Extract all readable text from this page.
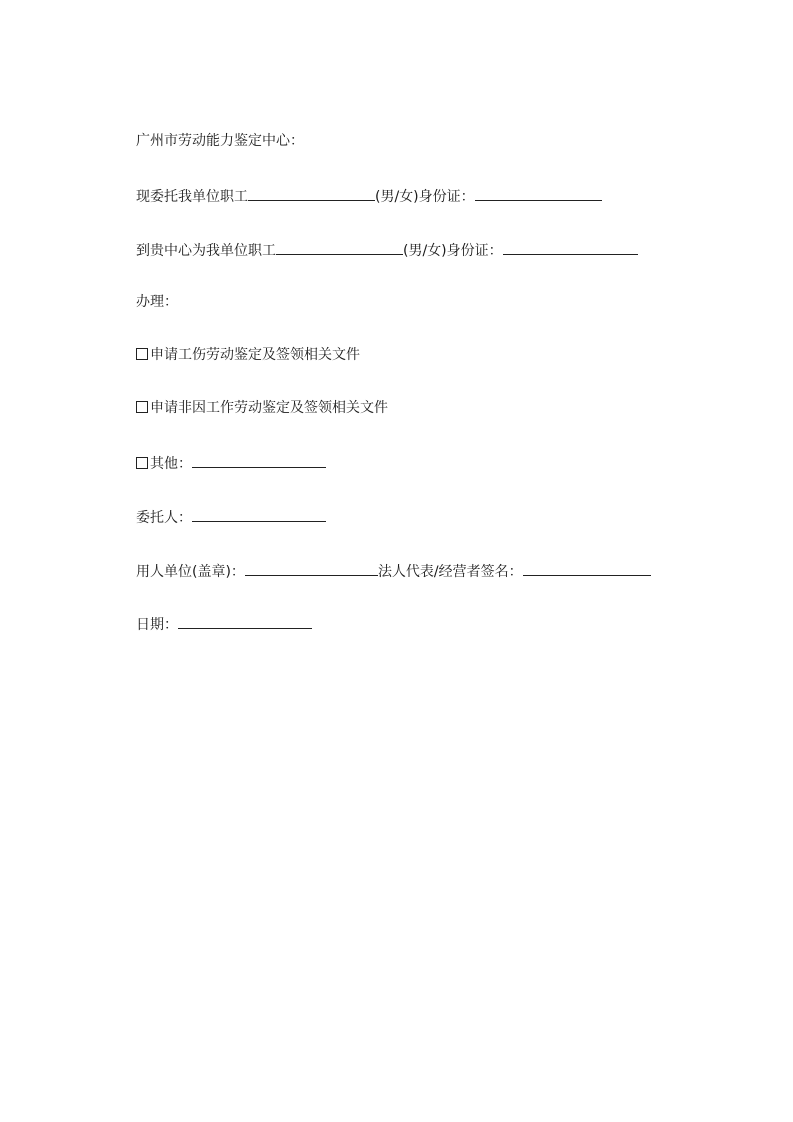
广州市劳动能力鉴定中心：
现委托我单位职工	(男/女)身份证：
到贵中心为我单位职工	(男/女)身份证：
办理：
申请工伤劳动鉴定及签领相关文件
申请非因工作劳动鉴定及签领相关文件
其他：
委托人：
用人单位(盖章)：	法人代表/经营者签名：
日期：
